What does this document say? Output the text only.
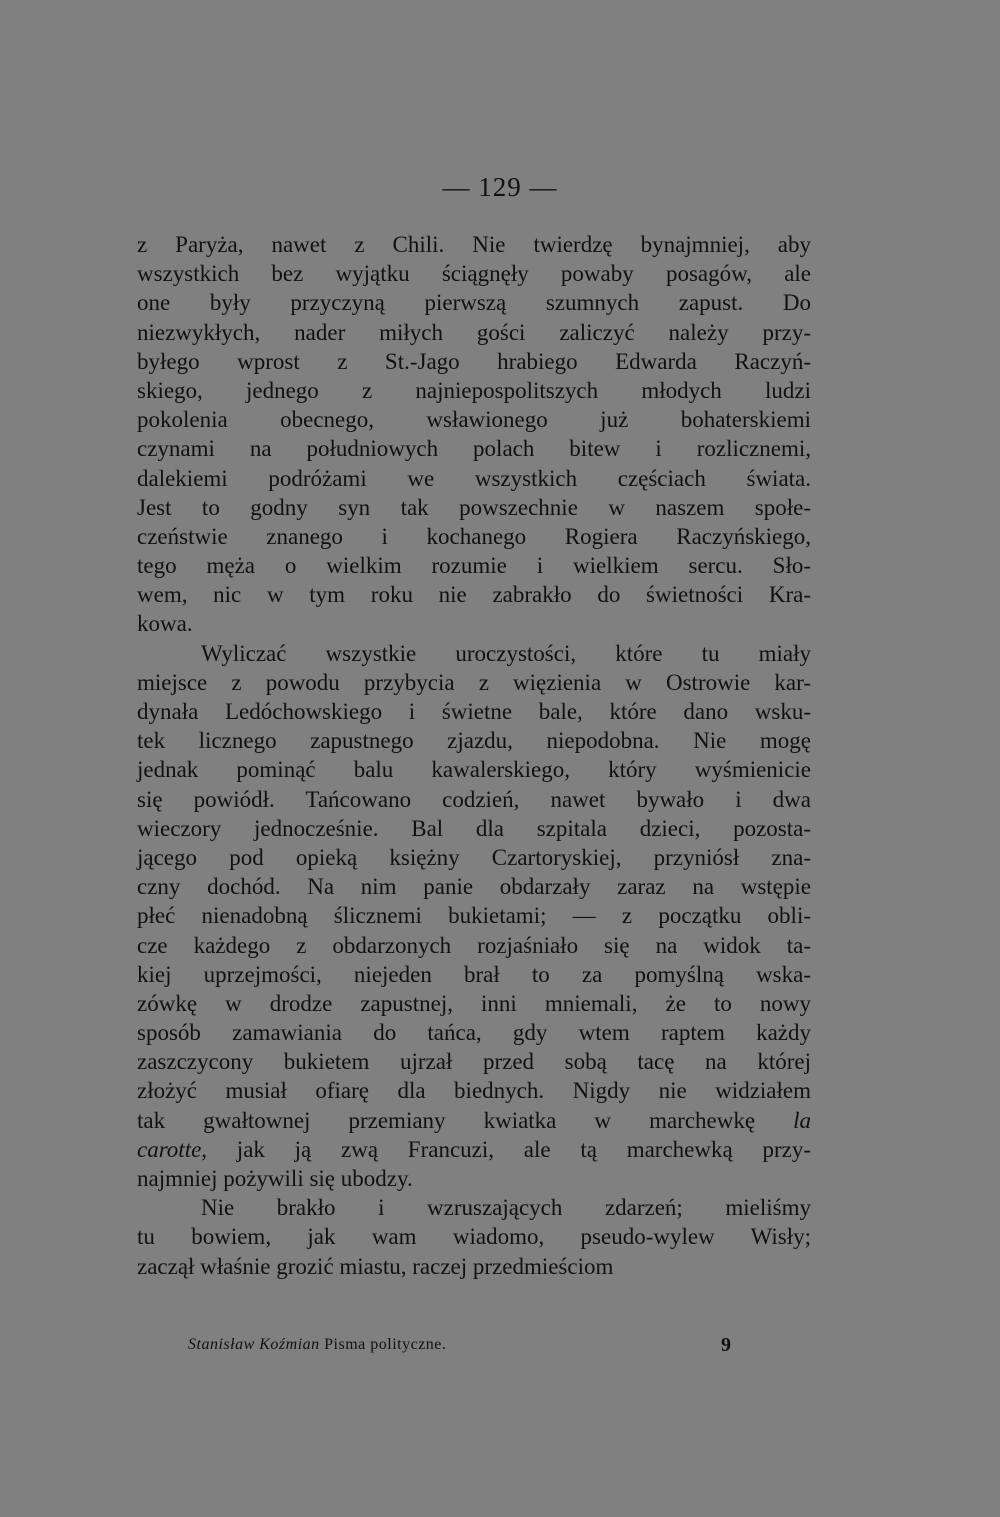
— 129 —
z Paryża, nawet z Chili. Nie twierdzę bynajmniej, aby
wszystkich bez wyjątku ściągnęły powaby posagów, ale
one były przyczyną pierwszą szumnych zapust. Do
niezwykłych, nader miłych gości zaliczyć należy przy-
byłego wprost z St.-Jago hrabiego Edwarda Raczyń-
skiego, jednego z najniepospolitszych młodych ludzi
pokolenia obecnego, wsławionego już bohaterskiemi
czynami na południowych polach bitew i rozlicznemi,
dalekiemi podróżami we wszystkich częściach świata.
Jest to godny syn tak powszechnie w naszem społe-
czeństwie znanego i kochanego Rogiera Raczyńskiego,
tego męża o wielkim rozumie i wielkiem sercu. Sło-
wem, nic w tym roku nie zabrakło do świetności Kra-
kowa.
Wyliczać wszystkie uroczystości, które tu miały
miejsce z powodu przybycia z więzienia w Ostrowie kar-
dynała Ledóchowskiego i świetne bale, które dano wsku-
tek licznego zapustnego zjazdu, niepodobna. Nie mogę
jednak pominąć balu kawalerskiego, który wyśmienicie
się powiódł. Tańcowano codzień, nawet bywało i dwa
wieczory jednocześnie. Bal dla szpitala dzieci, pozosta-
jącego pod opieką księżny Czartoryskiej, przyniósł zna-
czny dochód. Na nim panie obdarzały zaraz na wstępie
płeć nienadobną ślicznemi bukietami; — z początku obli-
cze każdego z obdarzonych rozjaśniało się na widok ta-
kiej uprzejmości, niejeden brał to za pomyślną wska-
zówkę w drodze zapustnej, inni mniemali, że to nowy
sposób zamawiania do tańca, gdy wtem raptem każdy
zaszczycony bukietem ujrzał przed sobą tacę na której
złożyć musiał ofiarę dla biednych. Nigdy nie widziałem
tak gwałtownej przemiany kwiatka w marchewkę la
carotte, jak ją zwą Francuzi, ale tą marchewką przy-
najmniej pożywili się ubodzy.
Nie brakło i wzruszających zdarzeń; mieliśmy
tu bowiem, jak wam wiadomo, pseudo-wylew Wisły;
zaczął właśnie grozić miastu, raczej przedmieściom
Stanisław Koźmian Pisma polityczne.	9
